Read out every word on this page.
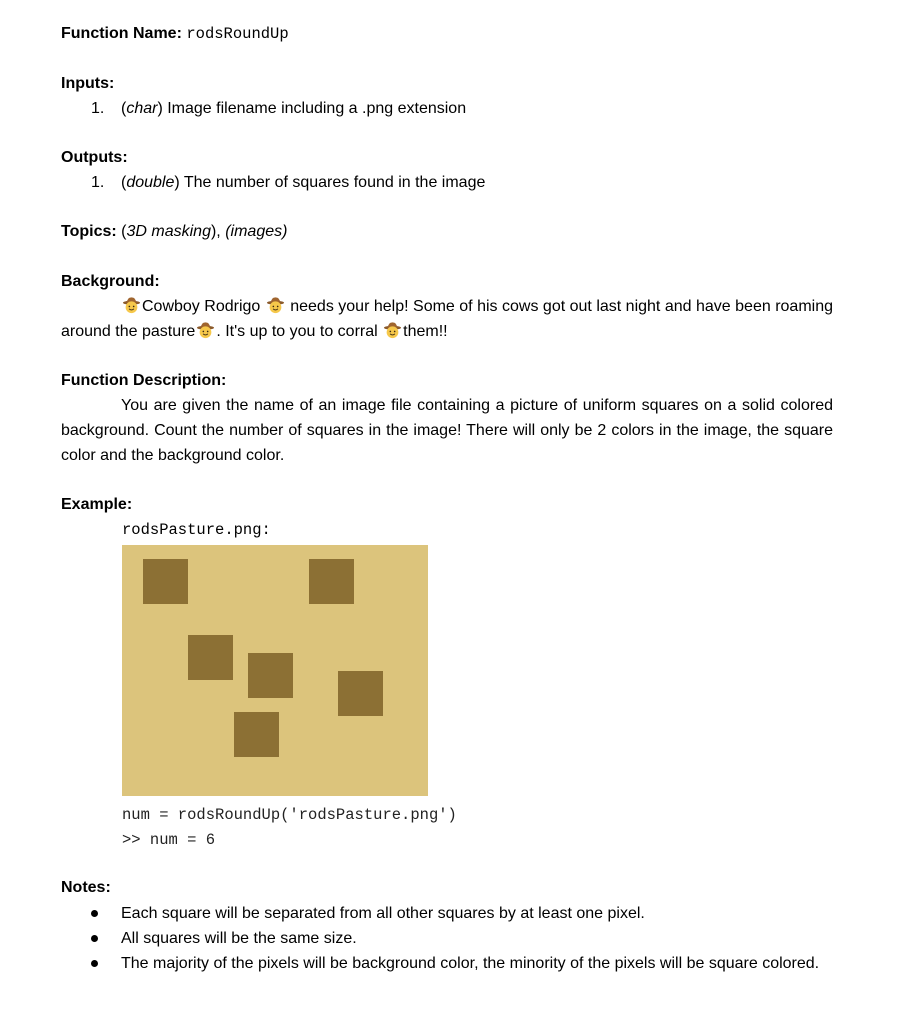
Function Name: rodsRoundUp
Inputs:
1. (char) Image filename including a .png extension
Outputs:
1. (double) The number of squares found in the image
Topics: (3D masking), (images)
Background:
Cowboy Rodrigo needs your help! Some of his cows got out last night and have been roaming around the pasture . It's up to you to corral them!!
Function Description:
You are given the name of an image file containing a picture of uniform squares on a solid colored background. Count the number of squares in the image! There will only be 2 colors in the image, the square color and the background color.
Example:
rodsPasture.png:
num = rodsRoundUp('rodsPasture.png')
>> num = 6
Notes:
Each square will be separated from all other squares by at least one pixel.
All squares will be the same size.
The majority of the pixels will be background color, the minority of the pixels will be square colored.
